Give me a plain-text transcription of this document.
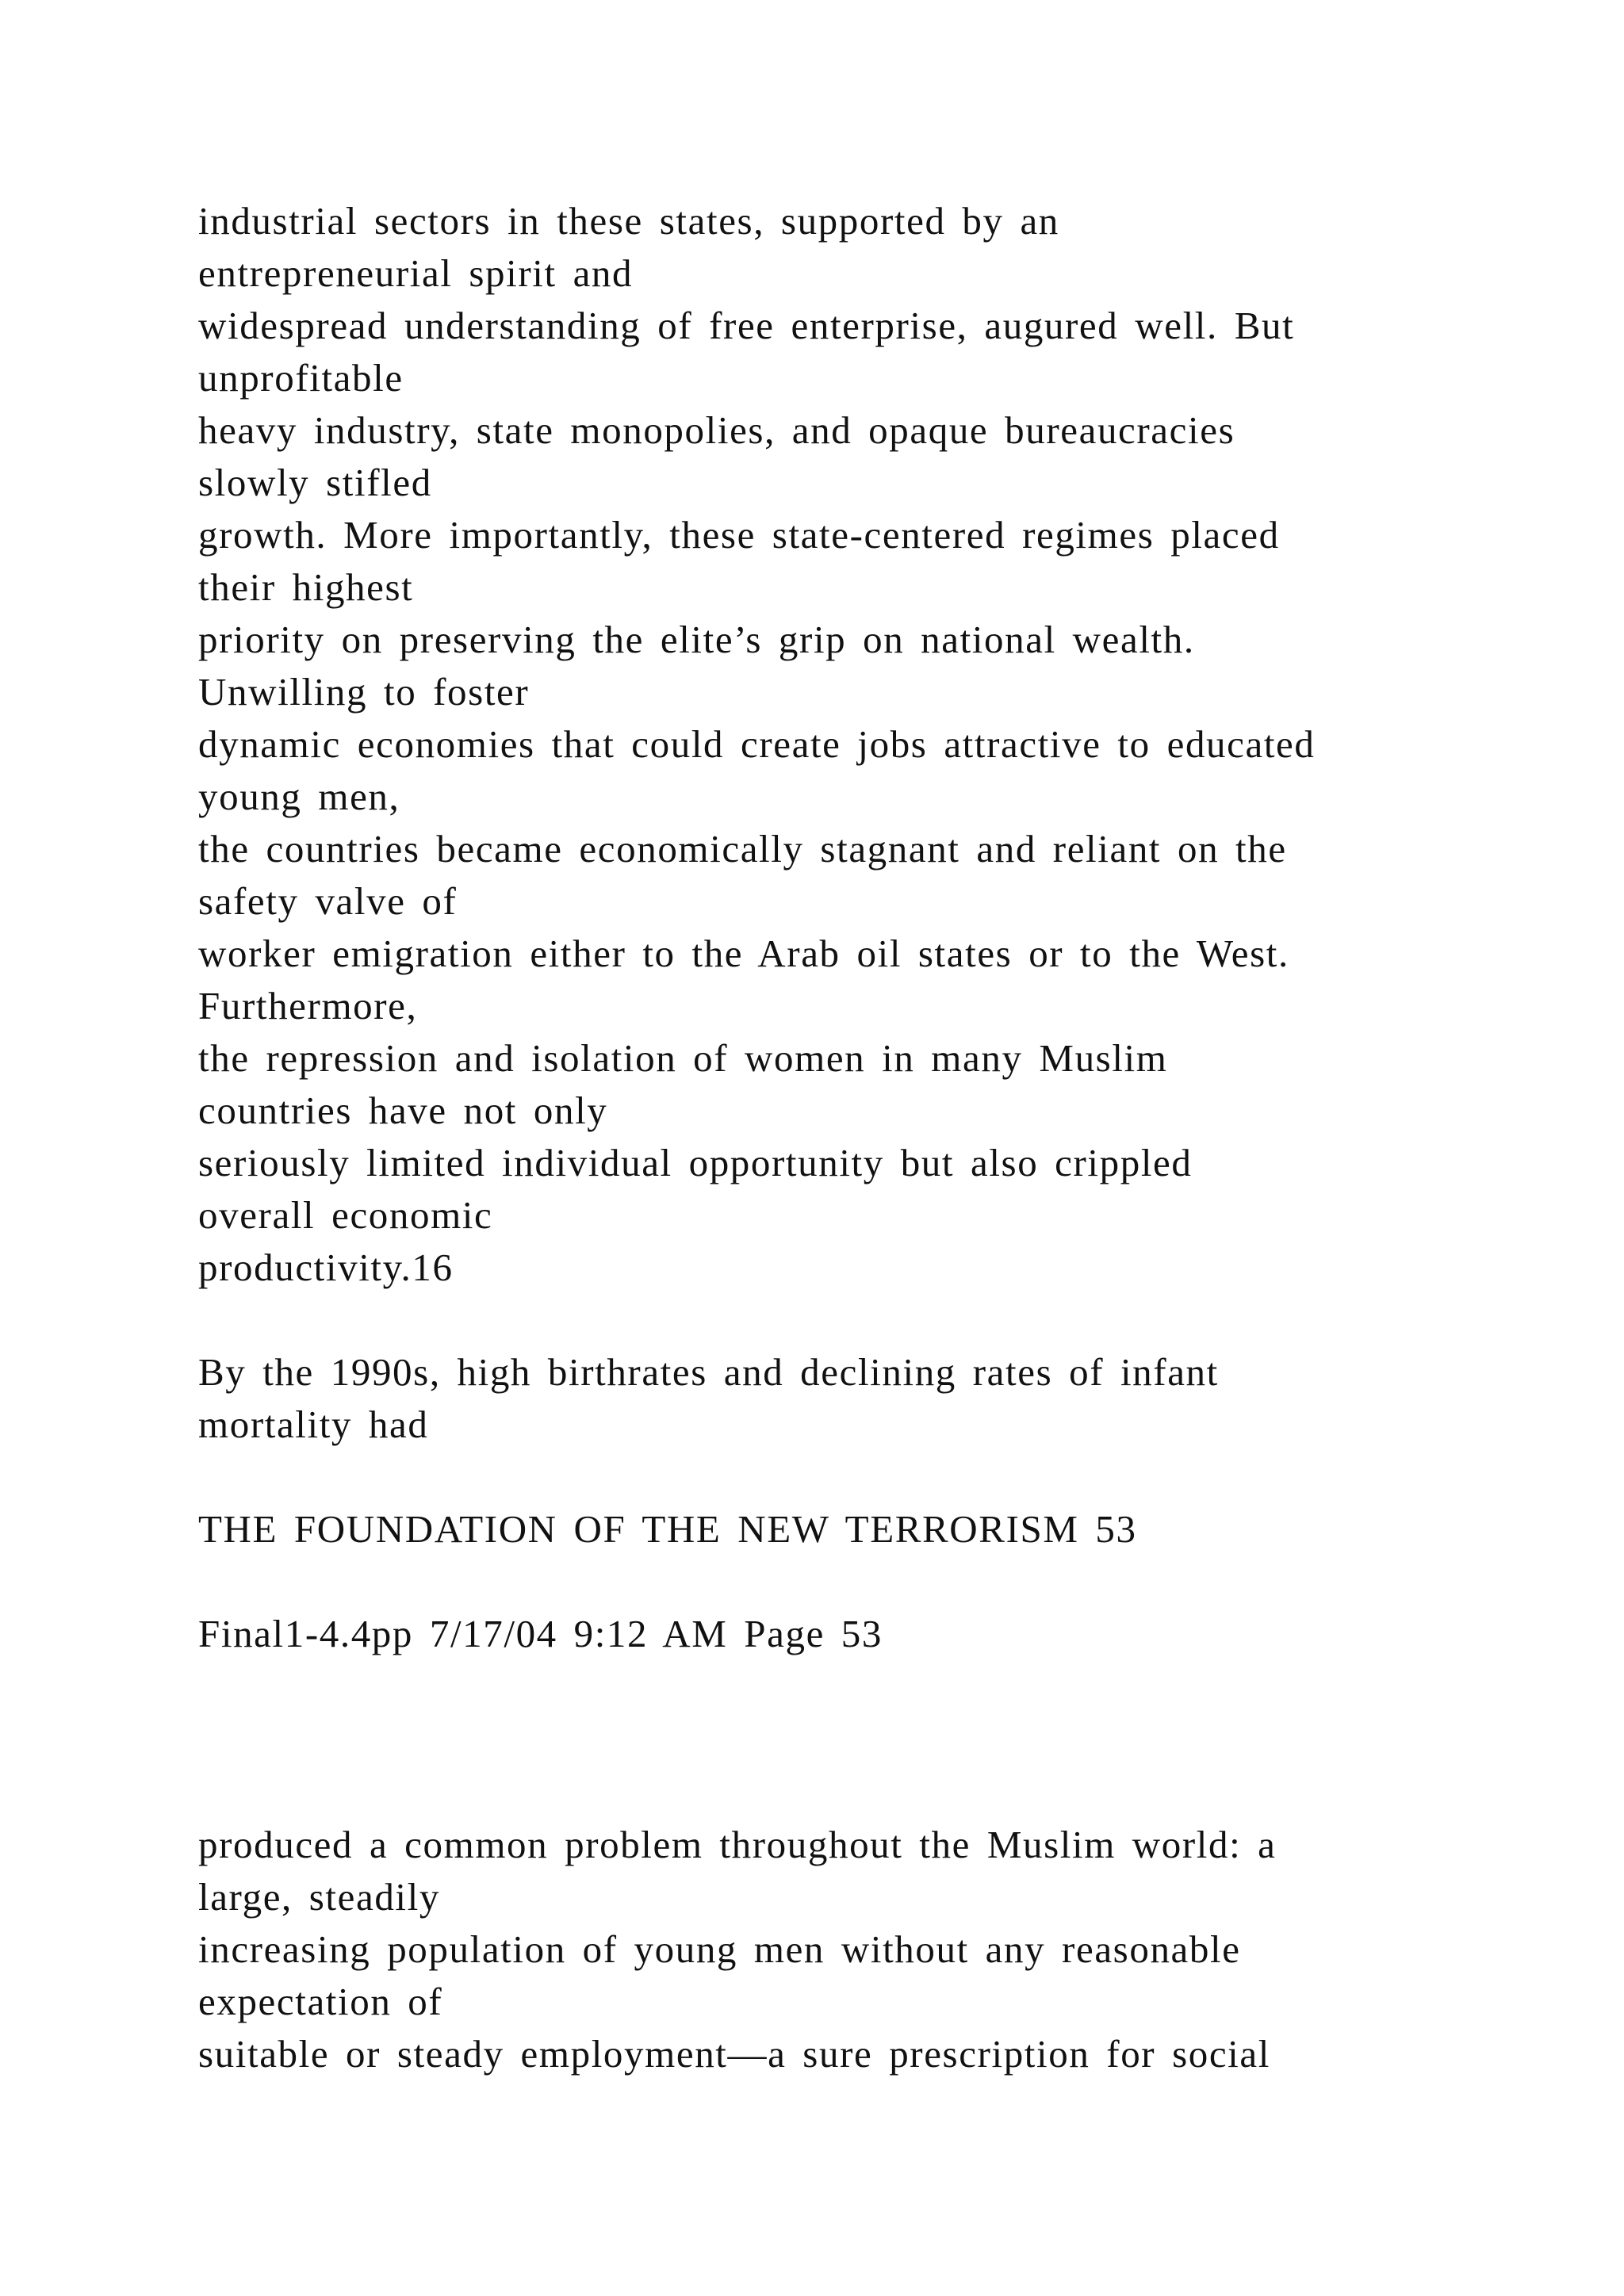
industrial sectors in these states, supported by an
entrepreneurial spirit and
widespread understanding of free enterprise, augured well. But
unprofitable
heavy industry, state monopolies, and opaque bureaucracies
slowly stifled
growth. More importantly, these state-centered regimes placed
their highest
priority on preserving the elite’s grip on national wealth.
Unwilling to foster
dynamic economies that could create jobs attractive to educated
young men,
the countries became economically stagnant and reliant on the
safety valve of
worker emigration either to the Arab oil states or to the West.
Furthermore,
the repression and isolation of women in many Muslim
countries have not only
seriously limited individual opportunity but also crippled
overall economic
productivity.16
By the 1990s, high birthrates and declining rates of infant
mortality had
THE FOUNDATION OF THE NEW TERRORISM 53
Final1-4.4pp 7/17/04 9:12 AM Page 53
produced a common problem throughout the Muslim world: a
large, steadily
increasing population of young men without any reasonable
expectation of
suitable or steady employment—a sure prescription for social
